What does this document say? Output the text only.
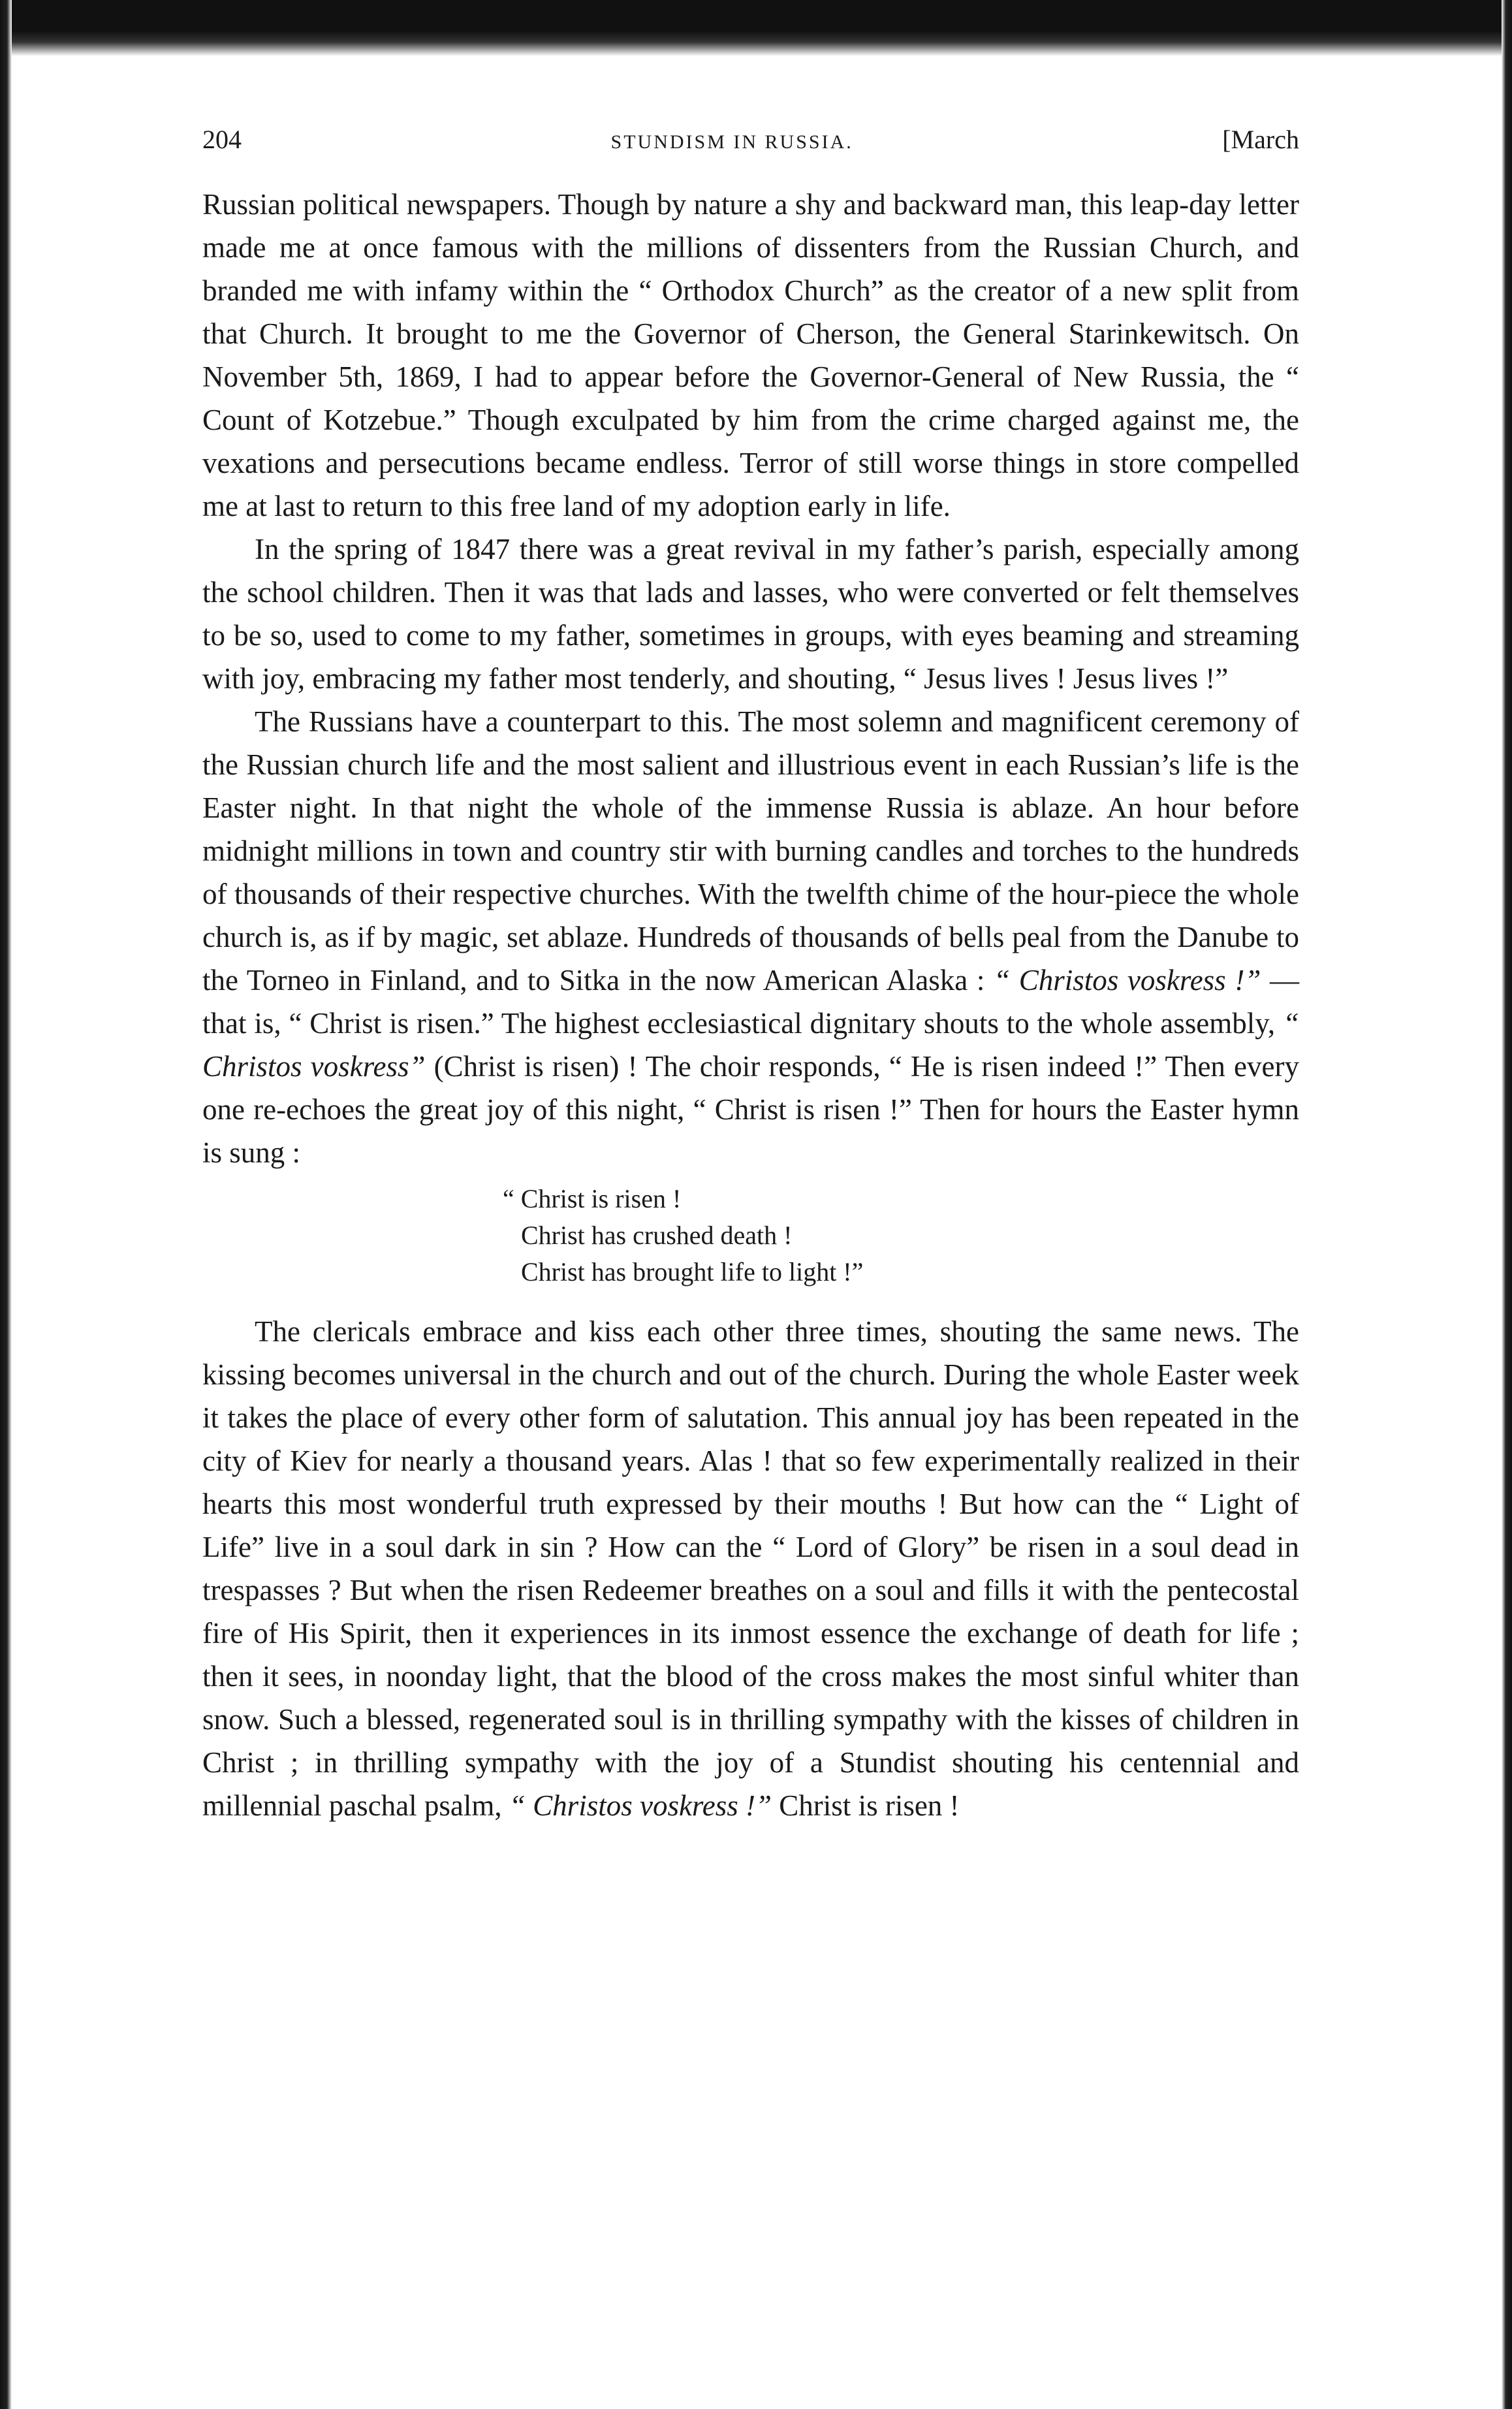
204	STUNDISM IN RUSSIA.	[March

Russian political newspapers. Though by nature a shy and backward man, this leap-day letter made me at once famous with the millions of dissenters from the Russian Church, and branded me with infamy within the “ Orthodox Church” as the creator of a new split from that Church. It brought to me the Governor of Cherson, the General Starinkewitsch. On November 5th, 1869, I had to appear before the Governor-General of New Russia, the “ Count of Kotzebue.” Though exculpated by him from the crime charged against me, the vexations and persecutions became endless. Terror of still worse things in store compelled me at last to return to this free land of my adoption early in life.

In the spring of 1847 there was a great revival in my father’s parish, especially among the school children. Then it was that lads and lasses, who were converted or felt themselves to be so, used to come to my father, sometimes in groups, with eyes beaming and streaming with joy, embracing my father most tenderly, and shouting, “ Jesus lives ! Jesus lives !”

The Russians have a counterpart to this. The most solemn and magnificent ceremony of the Russian church life and the most salient and illustrious event in each Russian’s life is the Easter night. In that night the whole of the immense Russia is ablaze. An hour before midnight millions in town and country stir with burning candles and torches to the hundreds of thousands of their respective churches. With the twelfth chime of the hour-piece the whole church is, as if by magic, set ablaze. Hundreds of thousands of bells peal from the Danube to the Torneo in Finland, and to Sitka in the now American Alaska : “ Christos voskress !” —that is, “ Christ is risen.” The highest ecclesiastical dignitary shouts to the whole assembly, “ Christos voskress” (Christ is risen) ! The choir responds, “ He is risen indeed !” Then every one re-echoes the great joy of this night, “ Christ is risen !” Then for hours the Easter hymn is sung :

“ Christ is risen !
Christ has crushed death !
Christ has brought life to light !”

The clericals embrace and kiss each other three times, shouting the same news. The kissing becomes universal in the church and out of the church. During the whole Easter week it takes the place of every other form of salutation. This annual joy has been repeated in the city of Kiev for nearly a thousand years. Alas ! that so few experimentally realized in their hearts this most wonderful truth expressed by their mouths ! But how can the “ Light of Life” live in a soul dark in sin ? How can the “ Lord of Glory” be risen in a soul dead in trespasses ? But when the risen Redeemer breathes on a soul and fills it with the pentecostal fire of His Spirit, then it experiences in its inmost essence the exchange of death for life ; then it sees, in noonday light, that the blood of the cross makes the most sinful whiter than snow. Such a blessed, regenerated soul is in thrilling sympathy with the kisses of children in Christ ; in thrilling sympathy with the joy of a Stundist shouting his centennial and millennial paschal psalm, “ Christos voskress !” Christ is risen !
